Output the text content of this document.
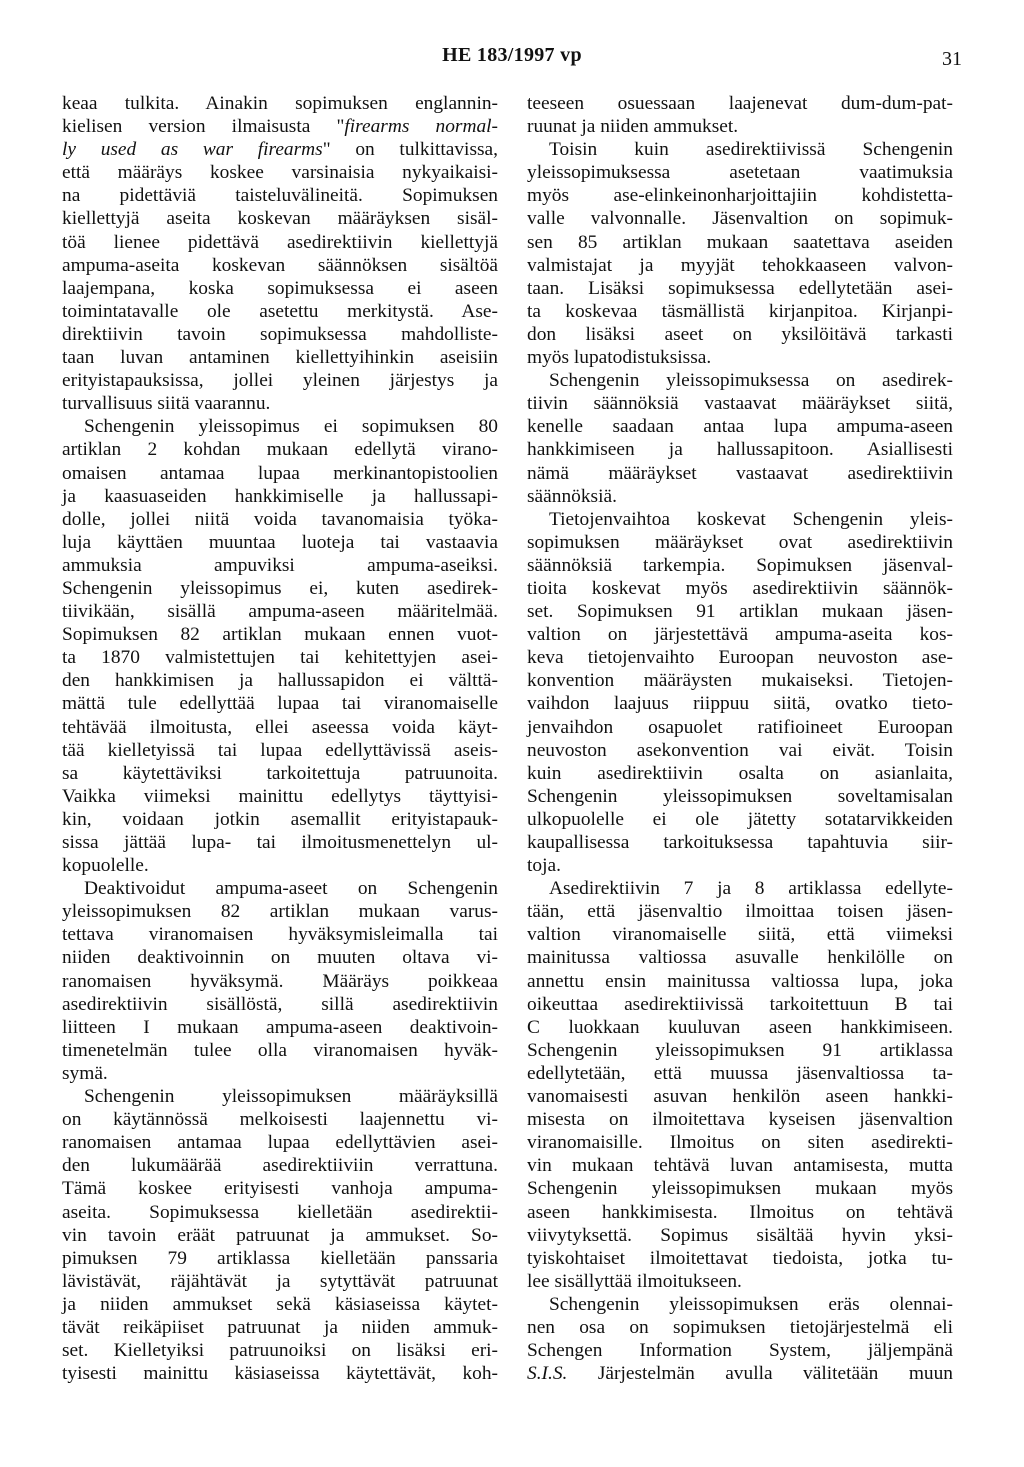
HE 183/1997 vp	31
keaa tulkita. Ainakin sopimuksen englannin-
kielisen version ilmaisusta "firearms normal-
ly used as war firearms" on tulkittavissa,
että määräys koskee varsinaisia nykyaikaisi-
na pidettäviä taisteluvälineitä. Sopimuksen
kiellettyjä aseita koskevan määräyksen sisäl-
töä lienee pidettävä asedirektiivin kiellettyjä
ampuma-aseita koskevan säännöksen sisältöä
laajempana, koska sopimuksessa ei aseen
toimintatavalle ole asetettu merkitystä. Ase-
direktiivin tavoin sopimuksessa mahdolliste-
taan luvan antaminen kiellettyihinkin aseisiin
erityistapauksissa, jollei yleinen järjestys ja
turvallisuus siitä vaarannu.
Schengenin yleissopimus ei sopimuksen 80
artiklan 2 kohdan mukaan edellytä virano-
omaisen antamaa lupaa merkinantopistoolien
ja kaasuaseiden hankkimiselle ja hallussapi-
dolle, jollei niitä voida tavanomaisia työka-
luja käyttäen muuntaa luoteja tai vastaavia
ammuksia ampuviksi ampuma-aseiksi.
Schengenin yleissopimus ei, kuten asedirek-
tiivikään, sisällä ampuma-aseen määritelmää.
Sopimuksen 82 artiklan mukaan ennen vuot-
ta 1870 valmistettujen tai kehitettyjen asei-
den hankkimisen ja hallussapidon ei välttä-
mättä tule edellyttää lupaa tai viranomaiselle
tehtävää ilmoitusta, ellei aseessa voida käyt-
tää kielletyissä tai lupaa edellyttävissä aseis-
sa käytettäviksi tarkoitettuja patruunoita.
Vaikka viimeksi mainittu edellytys täyttyisi-
kin, voidaan jotkin asemallit erityistapauk-
sissa jättää lupa- tai ilmoitusmenettelyn ul-
kopuolelle.
Deaktivoidut ampuma-aseet on Schengenin
yleissopimuksen 82 artiklan mukaan varus-
tettava viranomaisen hyväksymisleimalla tai
niiden deaktivoinnin on muuten oltava vi-
ranomaisen hyväksymä. Määräys poikkeaa
asedirektiivin sisällöstä, sillä asedirektiivin
liitteen I mukaan ampuma-aseen deaktivoin-
timenetelmän tulee olla viranomaisen hyväk-
symä.
Schengenin yleissopimuksen määräyksillä
on käytännössä melkoisesti laajennettu vi-
ranomaisen antamaa lupaa edellyttävien asei-
den lukumäärää asedirektiiviin verrattuna.
Tämä koskee erityisesti vanhoja ampuma-
aseita. Sopimuksessa kielletään asedirektii-
vin tavoin eräät patruunat ja ammukset. So-
pimuksen 79 artiklassa kielletään panssaria
lävistävät, räjähtävät ja sytyttävät patruunat
ja niiden ammukset sekä käsiaseissa käytet-
tävät reikäpiiset patruunat ja niiden ammuk-
set. Kielletyiksi patruunoiksi on lisäksi eri-
tyisesti mainittu käsiaseissa käytettävät, koh-
teeseen osuessaan laajenevat dum-dum-pat-
ruunat ja niiden ammukset.
Toisin kuin asedirektiivissä Schengenin
yleissopimuksessa asetetaan vaatimuksia
myös ase-elinkeinonharjoittajiin kohdistetta-
valle valvonnalle. Jäsenvaltion on sopimuk-
sen 85 artiklan mukaan saatettava aseiden
valmistajat ja myyjät tehokkaaseen valvon-
taan. Lisäksi sopimuksessa edellytetään asei-
ta koskevaa täsmällistä kirjanpitoa. Kirjanpi-
don lisäksi aseet on yksilöitävä tarkasti
myös lupatodistuksissa.
Schengenin yleissopimuksessa on asedirek-
tiivin säännöksiä vastaavat määräykset siitä,
kenelle saadaan antaa lupa ampuma-aseen
hankkimiseen ja hallussapitoon. Asiallisesti
nämä määräykset vastaavat asedirektiivin
säännöksiä.
Tietojenvaihtoa koskevat Schengenin yleis-
sopimuksen määräykset ovat asedirektiivin
säännöksiä tarkempia. Sopimuksen jäsenval-
tioita koskevat myös asedirektiivin säännök-
set. Sopimuksen 91 artiklan mukaan jäsen-
valtion on järjestettävä ampuma-aseita kos-
keva tietojenvaihto Euroopan neuvoston ase-
konvention määräysten mukaiseksi. Tietojen-
vaihdon laajuus riippuu siitä, ovatko tieto-
jenvaihdon osapuolet ratifioineet Euroopan
neuvoston asekonvention vai eivät. Toisin
kuin asedirektiivin osalta on asianlaita,
Schengenin yleissopimuksen soveltamisalan
ulkopuolelle ei ole jätetty sotatarvikkeiden
kaupallisessa tarkoituksessa tapahtuvia siir-
toja.
Asedirektiivin 7 ja 8 artiklassa edellyte-
tään, että jäsenvaltio ilmoittaa toisen jäsen-
valtion viranomaiselle siitä, että viimeksi
mainitussa valtiossa asuvalle henkilölle on
annettu ensin mainitussa valtiossa lupa, joka
oikeuttaa asedirektiivissä tarkoitettuun B tai
C luokkaan kuuluvan aseen hankkimiseen.
Schengenin yleissopimuksen 91 artiklassa
edellytetään, että muussa jäsenvaltiossa ta-
vanomaisesti asuvan henkilön aseen hankki-
misesta on ilmoitettava kyseisen jäsenvaltion
viranomaisille. Ilmoitus on siten asedirekti-
vin mukaan tehtävä luvan antamisesta, mutta
Schengenin yleissopimuksen mukaan myös
aseen hankkimisesta. Ilmoitus on tehtävä
viivytyksettä. Sopimus sisältää hyvin yksi-
tyiskohtaiset ilmoitettavat tiedoista, jotka tu-
lee sisällyttää ilmoitukseen.
Schengenin yleissopimuksen eräs olennai-
nen osa on sopimuksen tietojärjestelmä eli
Schengen Information System, jäljempänä
S.I.S. Järjestelmän avulla välitetään muun
